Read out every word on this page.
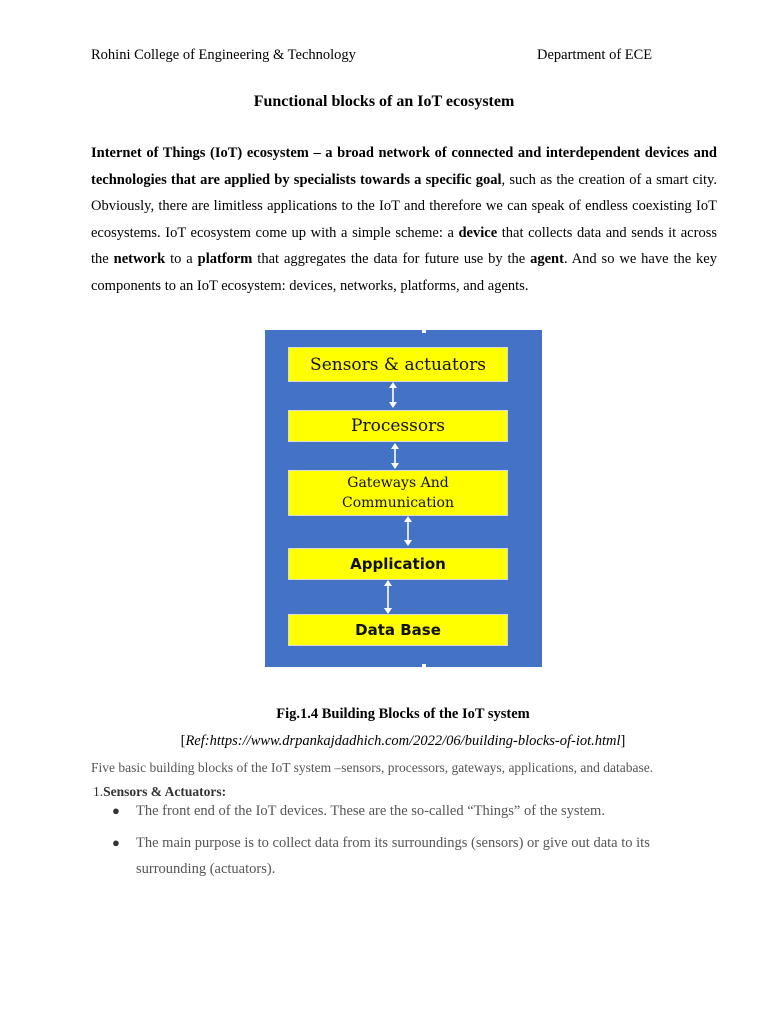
Rohini College of Engineering & Technology	Department of ECE
Functional blocks of an IoT ecosystem
Internet of Things (IoT) ecosystem – a broad network of connected and interdependent devices and technologies that are applied by specialists towards a specific goal, such as the creation of a smart city. Obviously, there are limitless applications to the IoT and therefore we can speak of endless coexisting IoT ecosystems. IoT ecosystem come up with a simple scheme: a device that collects data and sends it across the network to a platform that aggregates the data for future use by the agent. And so we have the key components to an IoT ecosystem: devices, networks, platforms, and agents.
Sensors & actuators
Processors
Gateways And
Communication
Application
Data Base
Fig.1.4 Building Blocks of the IoT system
[Ref:https://www.drpankajdadhich.com/2022/06/building-blocks-of-iot.html]
Five basic building blocks of the IoT system –sensors, processors, gateways, applications, and database.
1.Sensors & Actuators:
● The front end of the IoT devices. These are the so-called “Things” of the system.
● The main purpose is to collect data from its surroundings (sensors) or give out data to its surrounding (actuators).
